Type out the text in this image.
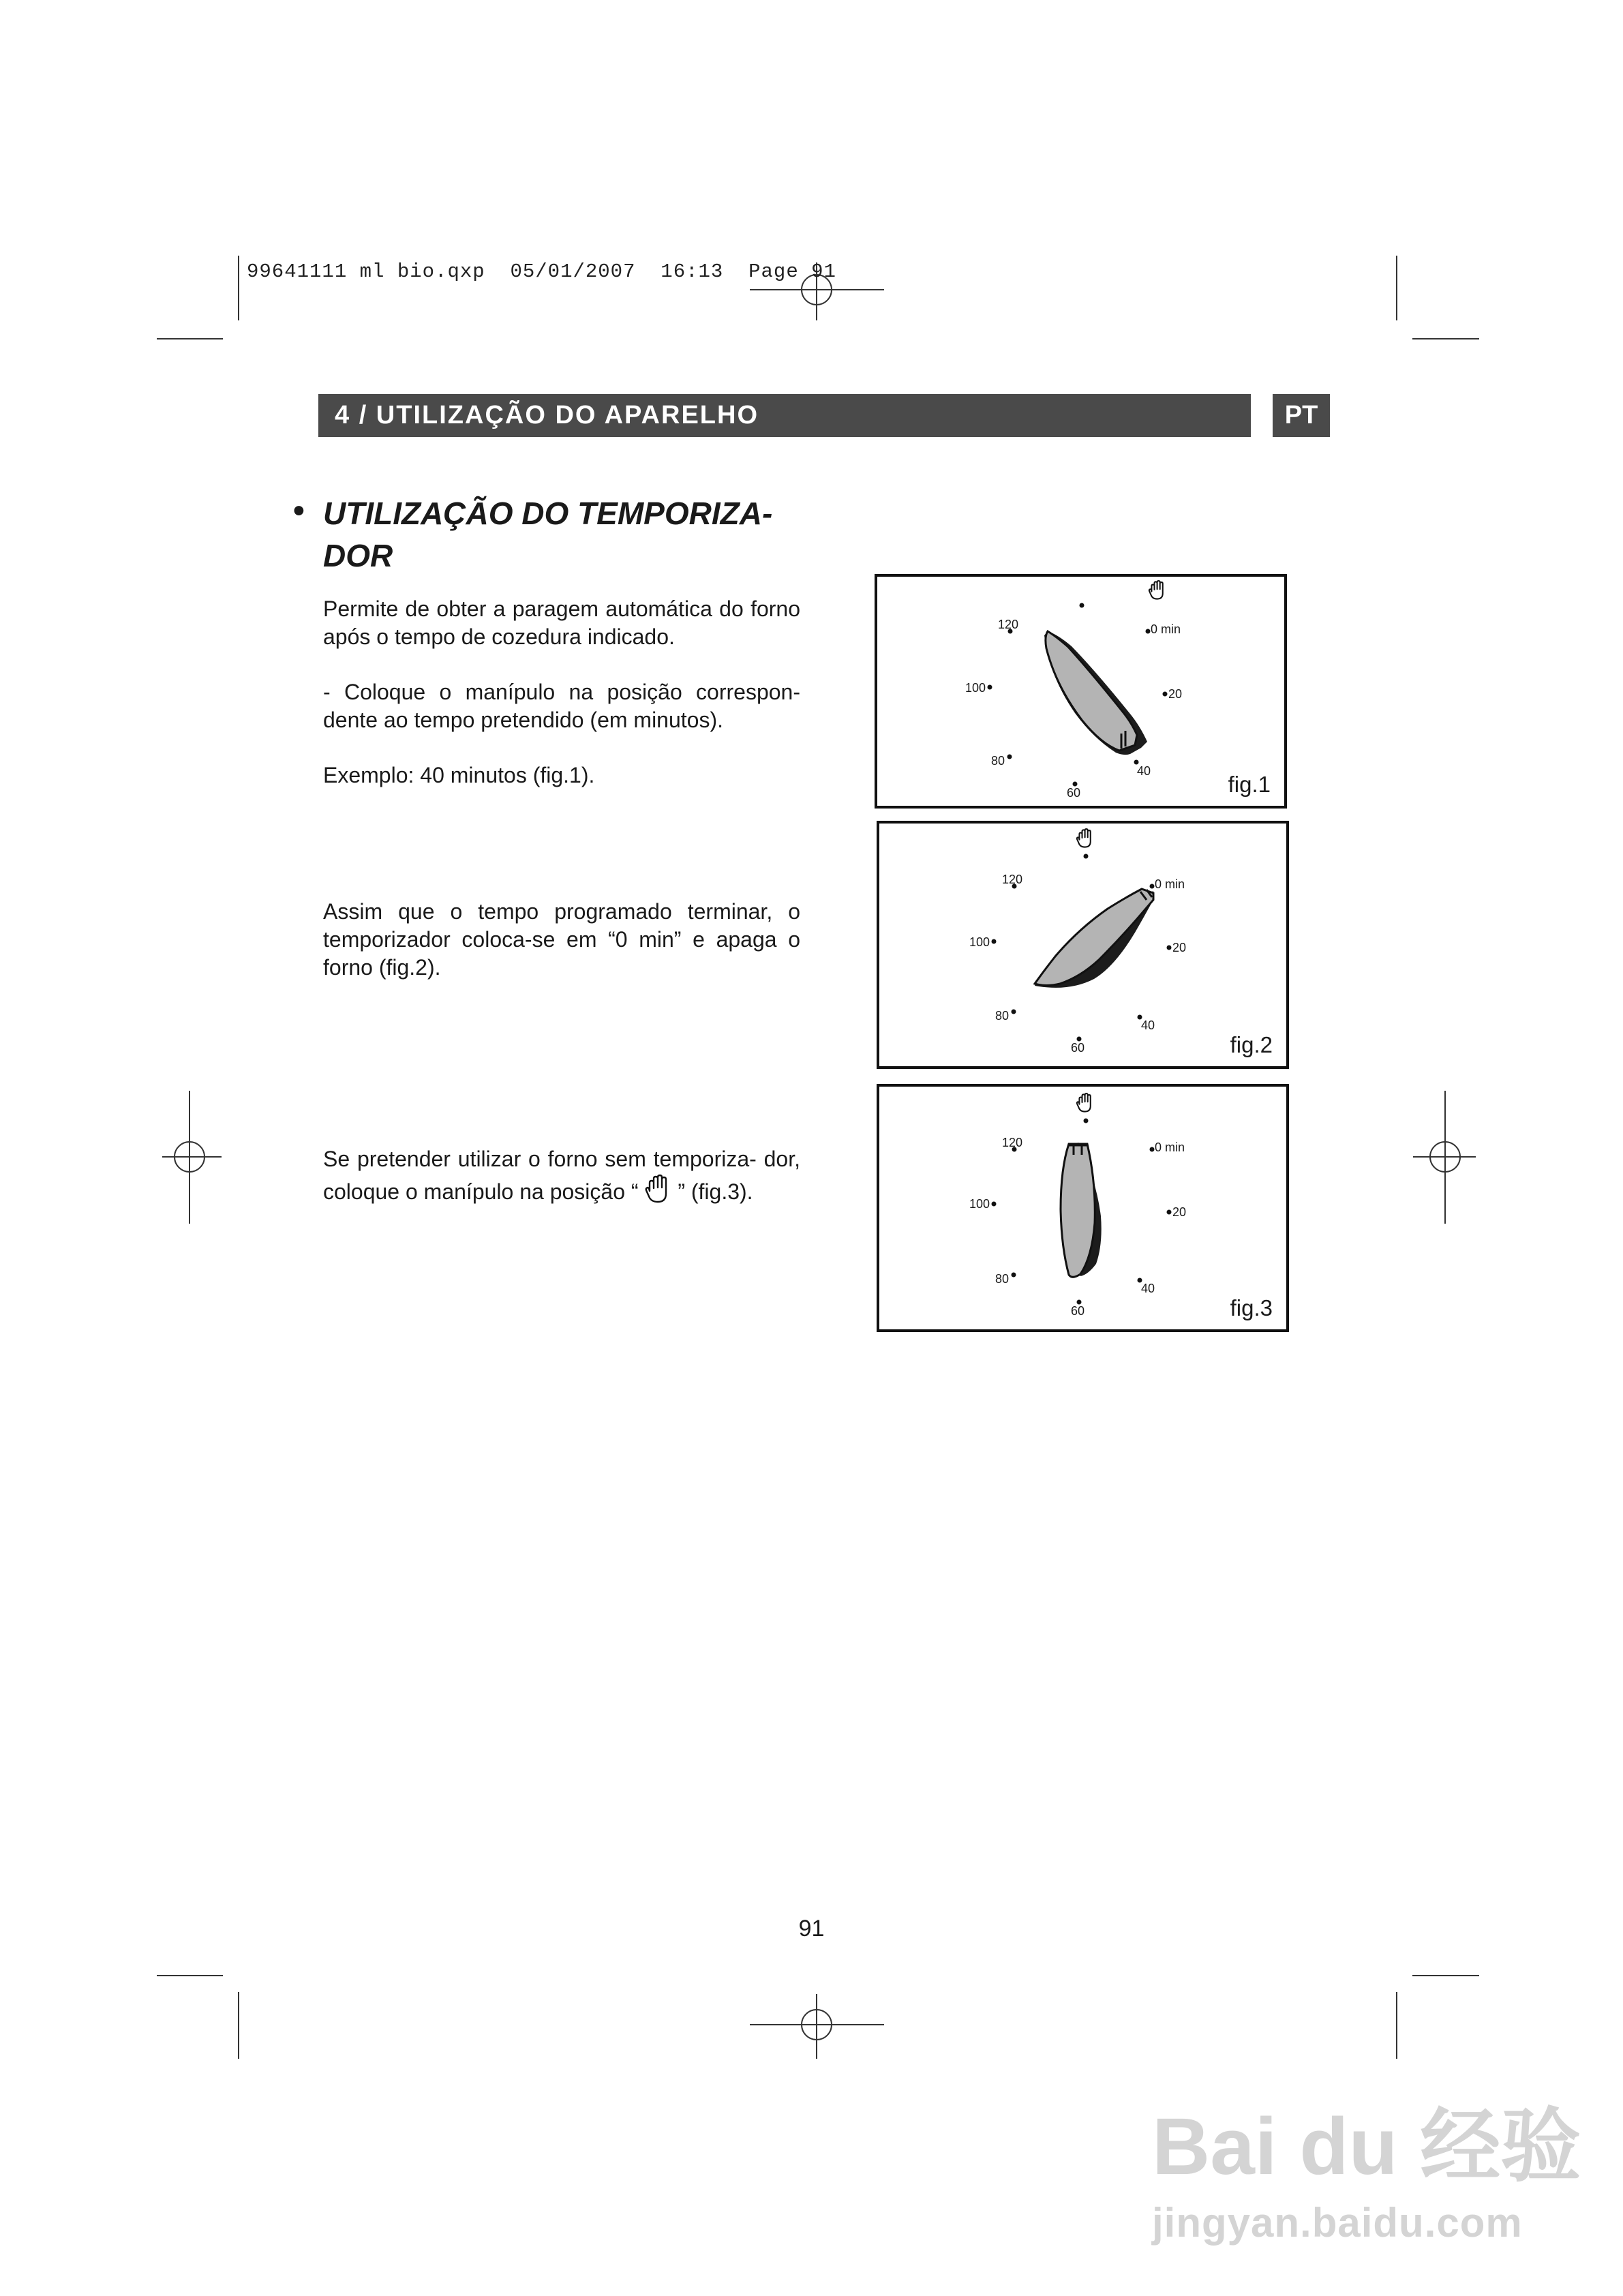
99641111 ml bio.qxp  05/01/2007  16:13  Page 91
4 / UTILIZAÇÃO DO APARELHO	PT
• UTILIZAÇÃO DO TEMPORIZA-
DOR

Permite de obter a paragem automática do forno após o tempo de cozedura indicado.

- Coloque o manípulo na posição correspon- dente ao tempo pretendido (em minutos).

Exemplo: 40 minutos (fig.1).

Assim que o tempo programado terminar, o temporizador coloca-se em “0 min” e apaga o forno (fig.2).

Se pretender utilizar o forno sem temporiza- dor, coloque o manípulo na posição “ ” (fig.3).

0 min
20
40
60
80
100
120
fig.1
0 min
20
40
60
80
100
120
fig.2
0 min
20
40
60
80
100
120
fig.3
91
Bai du 经验
jingyan.baidu.com
